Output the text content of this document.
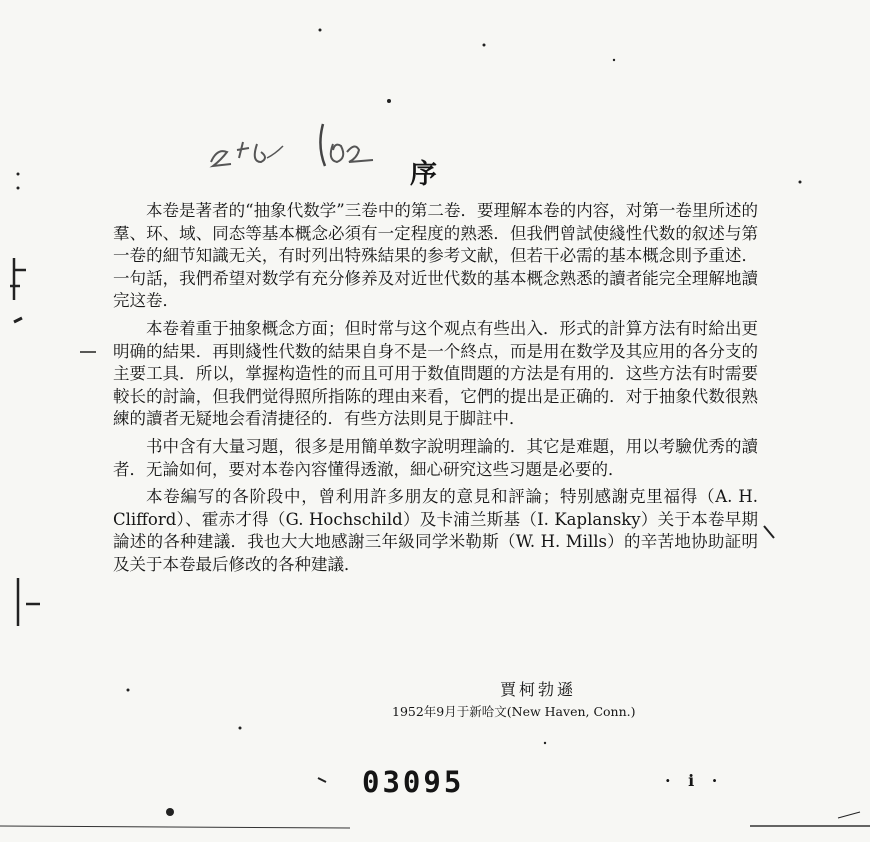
序

本卷是著者的“抽象代数学”三卷中的第二卷．要理解本卷的内容，对第一卷里所述的羣、环、域、同态等基本概念必須有一定程度的熟悉．但我們曾試使綫性代数的叙述与第一卷的細节知識无关，有时列出特殊結果的参考文献，但若干必需的基本概念則予重述．一句話，我們希望对数学有充分修养及对近世代数的基本概念熟悉的讀者能完全理解地讀完这卷．

本卷着重于抽象概念方面；但时常与这个观点有些出入．形式的計算方法有时給出更明确的結果．再則綫性代数的結果自身不是一个終点，而是用在数学及其应用的各分支的主要工具．所以，掌握构造性的而且可用于数值問題的方法是有用的．这些方法有时需要較长的討論，但我們觉得照所指陈的理由来看，它們的提出是正确的．对于抽象代数很熟練的讀者无疑地会看清捷径的．有些方法則見于脚註中．

书中含有大量习題，很多是用簡单数字說明理論的．其它是难題，用以考驗优秀的讀者．无論如何，要对本卷內容懂得透澈，細心研究这些习題是必要的．

本卷編写的各阶段中，曾利用許多朋友的意見和評論；特别感謝克里福得（A. H. Clifford）、霍赤才得（G. Hochschild）及卡浦兰斯基（I. Kaplansky）关于本卷早期論述的各种建議．我也大大地感謝三年級同学米勒斯（W. H. Mills）的辛苦地协助証明及关于本卷最后修改的各种建議．

賈柯勃遜
1952年9月于新哈文(New Haven, Conn.)
03095	· i ·
